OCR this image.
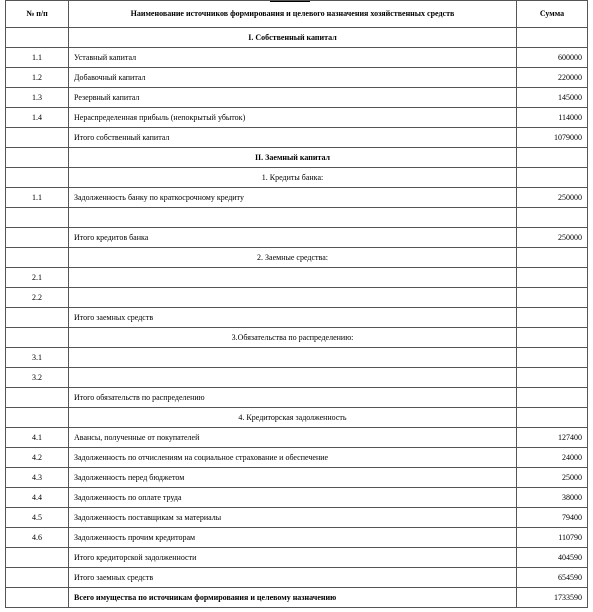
№ п/п	Наименование источников формирования и целевого назначения хозяйственных средств	Сумма
	I. Собственный капитал	
1.1	Уставный капитал	600000
1.2	Добавочный капитал	220000
1.3	Резервный капитал	145000
1.4	Нераспределенная прибыль (непокрытый убыток)	114000
	Итого собственный капитал	1079000
	II. Заемный капитал	
	1. Кредиты банка:	
1.1	Задолженность банку по краткосрочному кредиту	250000

	Итого кредитов банка	250000
	2. Заемные средства:	
2.1		
2.2		
	Итого заемных средств	
	3.Обязательства по распределению:	
3.1		
3.2		
	Итого обязательств по распределению	
	4. Кредиторская задолженность	
4.1	Авансы, полученные от покупателей	127400
4.2	Задолженность по отчислениям на социальное страхование и обеспечение	24000
4.3	Задолженность перед бюджетом	25000
4.4	Задолженность по оплате труда	38000
4.5	Задолженность поставщикам за материалы	79400
4.6	Задолженность прочим кредиторам	110790
	Итого кредиторской задолженности	404590
	Итого заемных средств	654590
	Всего имущества по источникам формирования и целевому назначению	1733590
